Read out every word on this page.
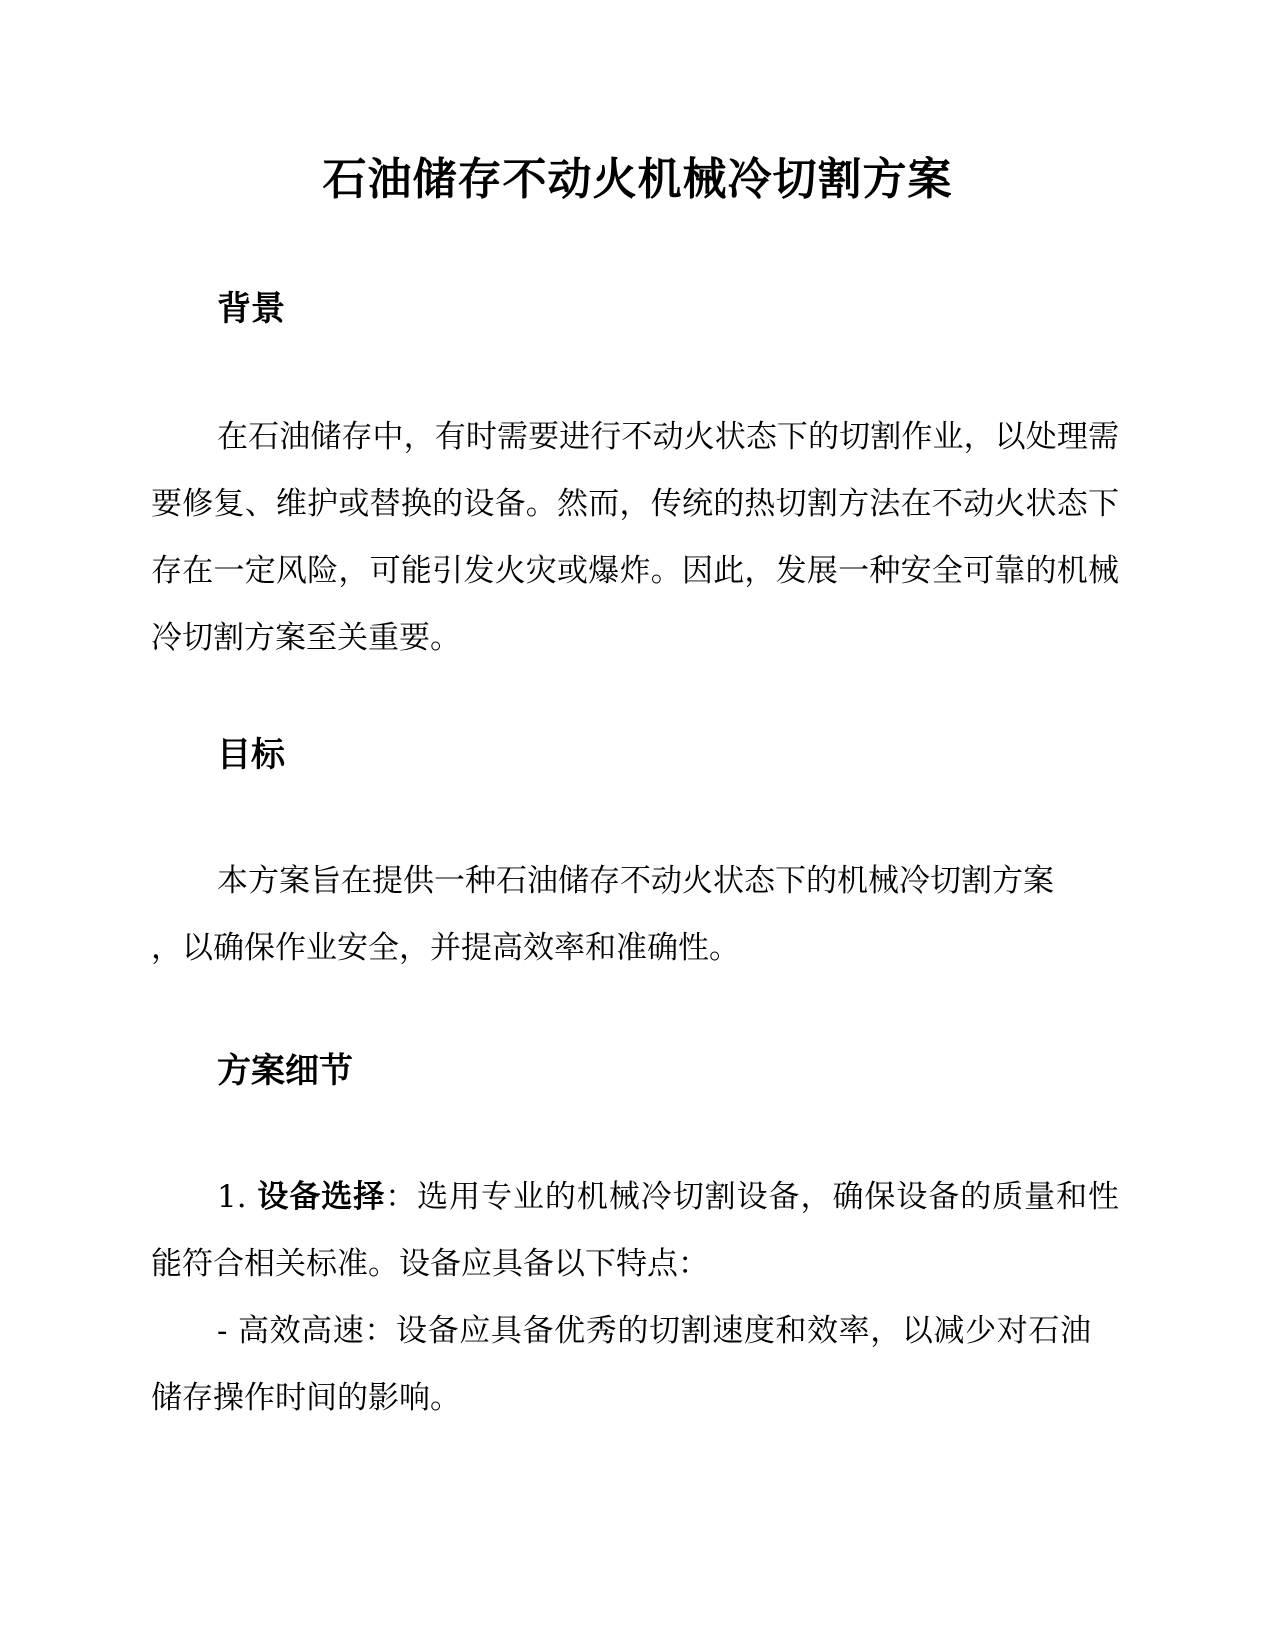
石油储存不动火机械冷切割方案
背景

在石油储存中，有时需要进行不动火状态下的切割作业，以处理需要修复、维护或替换的设备。然而，传统的热切割方法在不动火状态下存在一定风险，可能引发火灾或爆炸。因此，发展一种安全可靠的机械冷切割方案至关重要。

目标
本方案旨在提供一种石油储存不动火状态下的机械冷切割方案
，以确保作业安全，并提高效率和准确性。
方案细节

1. 设备选择：选用专业的机械冷切割设备，确保设备的质量和性能符合相关标准。设备应具备以下特点：

- 高效高速：设备应具备优秀的切割速度和效率，以减少对石油储存操作时间的影响。
